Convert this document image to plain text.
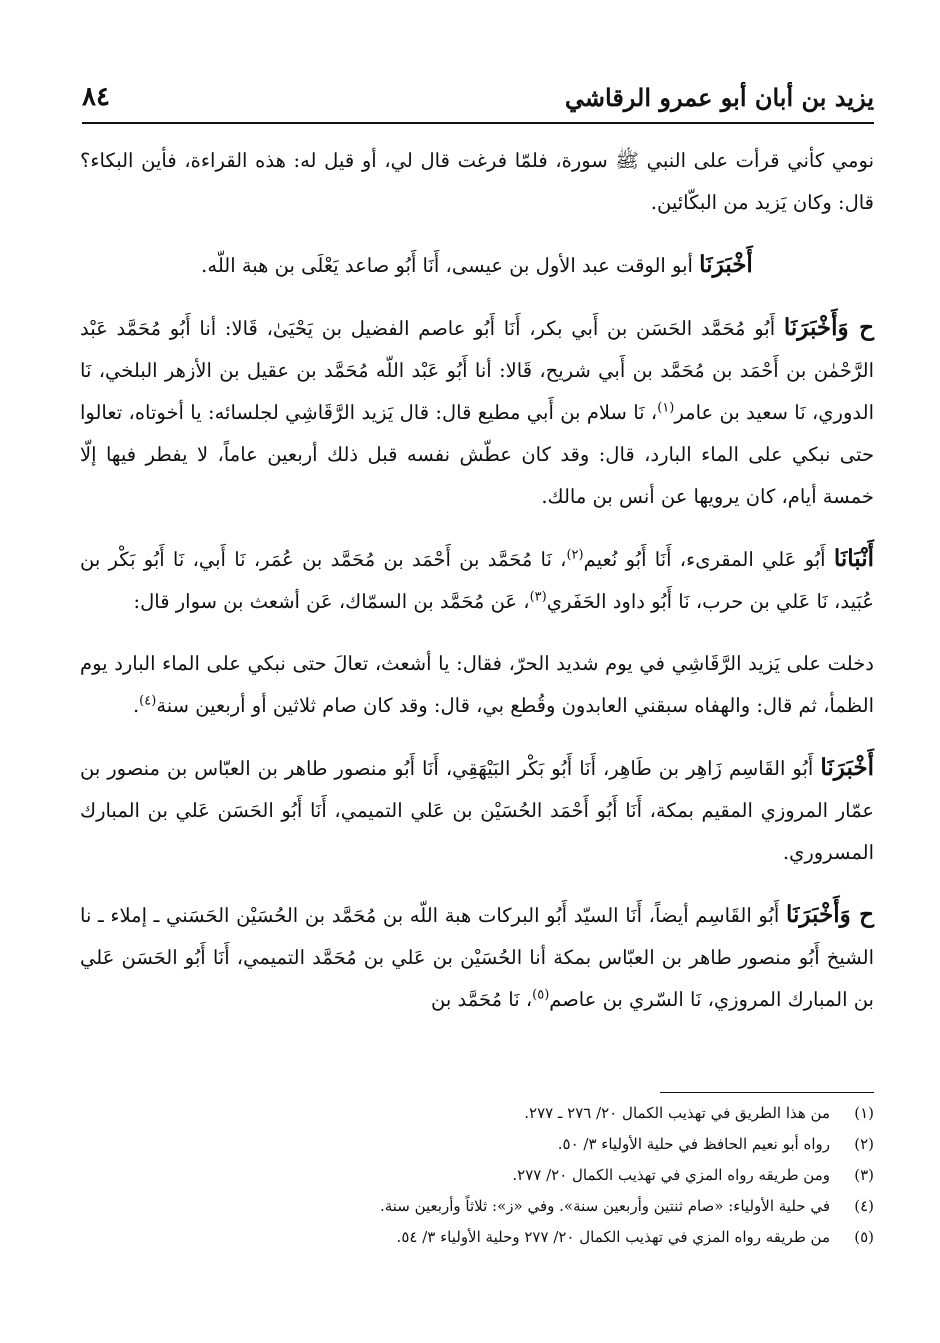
يزيد بن أبان أبو عمرو الرقاشي
٨٤

نومي كأني قرأت على النبي ﷺ سورة، فلمّا فرغت قال لي، أو قيل له: هذه القراءة، فأين البكاء؟ قال: وكان يَزيد من البكّائين.

أَخْبَرَنَا أبو الوقت عبد الأول بن عيسى، أَنَا أَبُو صاعد يَعْلَى بن هبة اللّه.

ح وَأَخْبَرَنَا أَبُو مُحَمَّد الحَسَن بن أَبي بكر، أَنَا أَبُو عاصم الفضيل بن يَحْيَىٰ، قَالا: أنا أَبُو مُحَمَّد عَبْد الرَّحْمٰن بن أَحْمَد بن مُحَمَّد بن أَبي شريح، قَالا: أنا أَبُو عَبْد اللّه مُحَمَّد بن عقيل بن الأزهر البلخي، نَا الدوري، نَا سعيد بن عامر$^{(١)}$، نَا سلام بن أَبي مطيع قال: قال يَزيد الرَّقَاشِي لجلسائه: يا أخوتاه، تعالوا حتى نبكي على الماء البارد، قال: وقد كان عطّش نفسه قبل ذلك أربعين عاماً، لا يفطر فيها إلّا خمسة أيام، كان يرويها عن أنس بن مالك.

أَنْبَانَا أَبُو عَلي المقرىء، أَنَا أَبُو نُعيم$^{(٢)}$، نَا مُحَمَّد بن أَحْمَد بن مُحَمَّد بن عُمَر، نَا أَبي، نَا أَبُو بَكْر بن عُبَيد، نَا عَلي بن حرب، نَا أَبُو داود الحَفَري$^{(٣)}$، عَن مُحَمَّد بن السمّاك، عَن أشعث بن سوار قال:

دخلت على يَزيد الرَّقَاشِي في يوم شديد الحرّ، فقال: يا أشعث، تعالَ حتى نبكي على الماء البارد يوم الظمأ، ثم قال: والهفاه سبقني العابدون وقُطع بي، قال: وقد كان صام ثلاثين أو أربعين سنة$^{(٤)}$.

أَخْبَرَنَا أَبُو القَاسِم زَاهِر بن طَاهِر، أَنَا أَبُو بَكْر البَيْهَقِي، أَنَا أَبُو منصور طاهر بن العبّاس بن منصور بن عمّار المروزي المقيم بمكة، أَنَا أَبُو أَحْمَد الحُسَيْن بن عَلي التميمي، أَنَا أَبُو الحَسَن عَلي بن المبارك المسروري.

ح وَأَخْبَرَنَا أَبُو القَاسِم أيضاً، أَنَا السيّد أَبُو البركات هبة اللّه بن مُحَمَّد بن الحُسَيْن الحَسَني ـ إملاء ـ نا الشيخ أَبُو منصور طاهر بن العبّاس بمكة أنا الحُسَيْن بن عَلي بن مُحَمَّد التميمي، أَنَا أَبُو الحَسَن عَلي بن المبارك المروزي، نَا السّري بن عاصم$^{(٥)}$، نَا مُحَمَّد بن

(١)
من هذا الطريق في تهذيب الكمال ٢٠/ ٢٧٦ ـ ٢٧٧.
(٢)
رواه أبو نعيم الحافظ في حلية الأولياء ٣/ ٥٠.
(٣)
ومن طريقه رواه المزي في تهذيب الكمال ٢٠/ ٢٧٧.
(٤)
في حلية الأولياء: «صام ثنتين وأربعين سنة». وفي «ز»: ثلاثاً وأربعين سنة.
(٥)
من طريقه رواه المزي في تهذيب الكمال ٢٠/ ٢٧٧ وحلية الأولياء ٣/ ٥٤.
